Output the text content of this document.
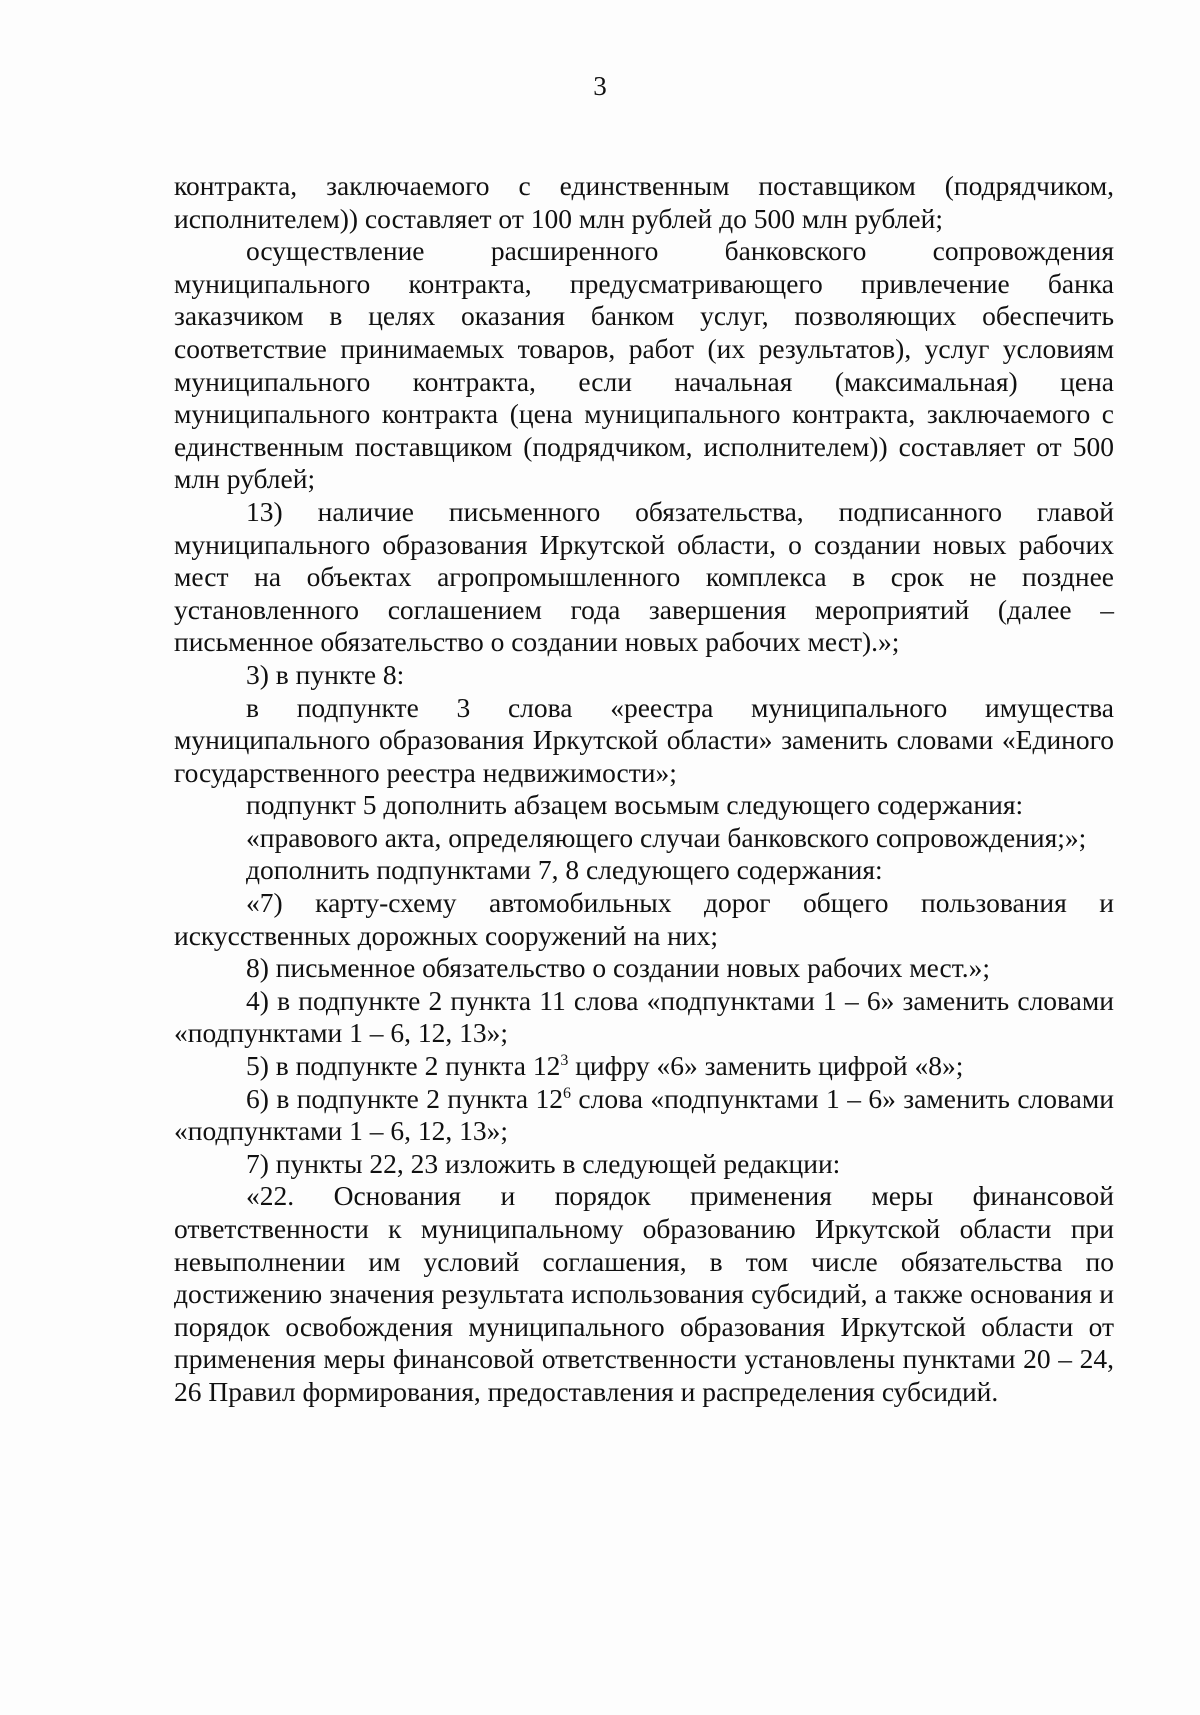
3

контракта, заключаемого с единственным поставщиком (подрядчиком, исполнителем)) составляет от 100 млн рублей до 500 млн рублей;

осуществление расширенного банковского сопровождения муниципального контракта, предусматривающего привлечение банка заказчиком в целях оказания банком услуг, позволяющих обеспечить соответствие принимаемых товаров, работ (их результатов), услуг условиям муниципального контракта, если начальная (максимальная) цена муниципального контракта (цена муниципального контракта, заключаемого с единственным поставщиком (подрядчиком, исполнителем)) составляет от 500 млн рублей;

13) наличие письменного обязательства, подписанного главой муниципального образования Иркутской области, о создании новых рабочих мест на объектах агропромышленного комплекса в срок не позднее установленного соглашением года завершения мероприятий (далее – письменное обязательство о создании новых рабочих мест).»;

3) в пункте 8:

в подпункте 3 слова «реестра муниципального имущества муниципального образования Иркутской области» заменить словами «Единого государственного реестра недвижимости»;

подпункт 5 дополнить абзацем восьмым следующего содержания:

«правового акта, определяющего случаи банковского сопровождения;»;

дополнить подпунктами 7, 8 следующего содержания:

«7) карту-схему автомобильных дорог общего пользования и искусственных дорожных сооружений на них;

8) письменное обязательство о создании новых рабочих мест.»;

4) в подпункте 2 пункта 11 слова «подпунктами 1 – 6» заменить словами «подпунктами 1 – 6, 12, 13»;

5) в подпункте 2 пункта $12^3$ цифру «6» заменить цифрой «8»;

6) в подпункте 2 пункта $12^6$ слова «подпунктами 1 – 6» заменить словами «подпунктами 1 – 6, 12, 13»;

7) пункты 22, 23 изложить в следующей редакции:

«22. Основания и порядок применения меры финансовой ответственности к муниципальному образованию Иркутской области при невыполнении им условий соглашения, в том числе обязательства по достижению значения результата использования субсидий, а также основания и порядок освобождения муниципального образования Иркутской области от применения меры финансовой ответственности установлены пунктами 20 – 24, 26 Правил формирования, предоставления и распределения субсидий.
